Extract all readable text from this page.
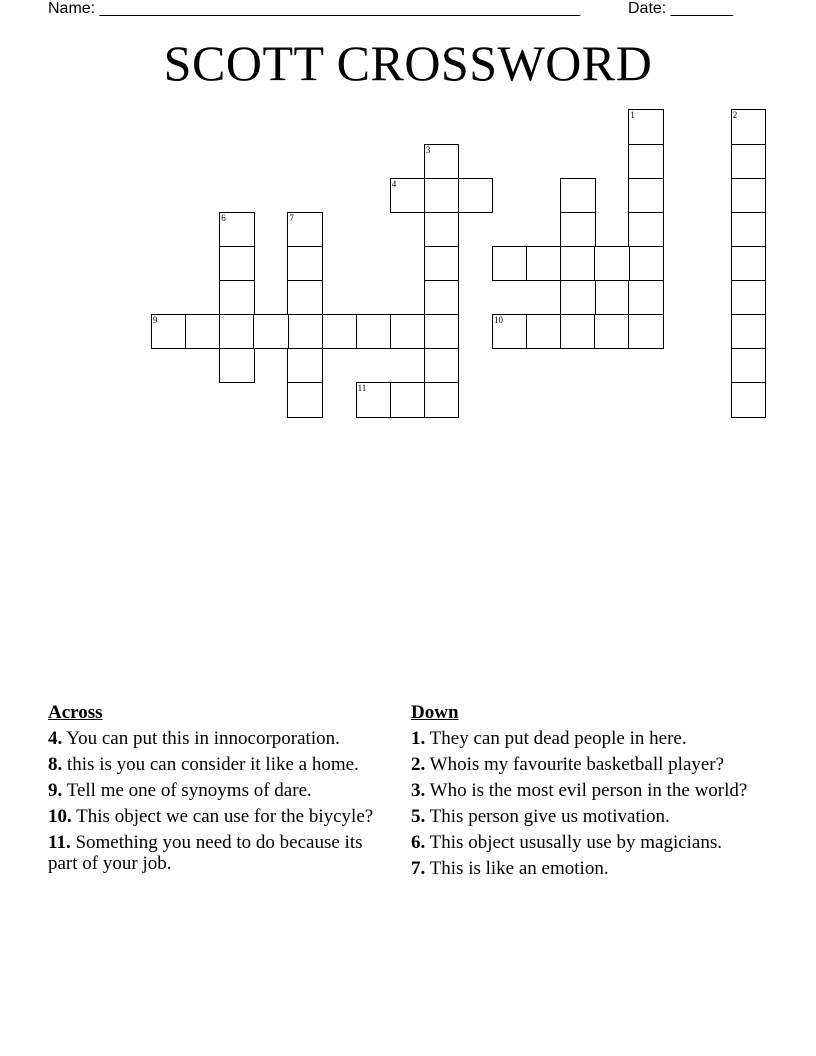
Name: ______________________________________________________	Date: _______
SCOTT CROSSWORD
1	2
3
4
6	7
9	10
11
Across
4. You can put this in innocorporation.
8. this is you can consider it like a home.
9. Tell me one of synoyms of dare.
10. This object we can use for the biycyle?
11. Something you need to do because its part of your job.
Down
1. They can put dead people in here.
2. Whois my favourite basketball player?
3. Who is the most evil person in the world?
5. This person give us motivation.
6. This object ususally use by magicians.
7. This is like an emotion.
